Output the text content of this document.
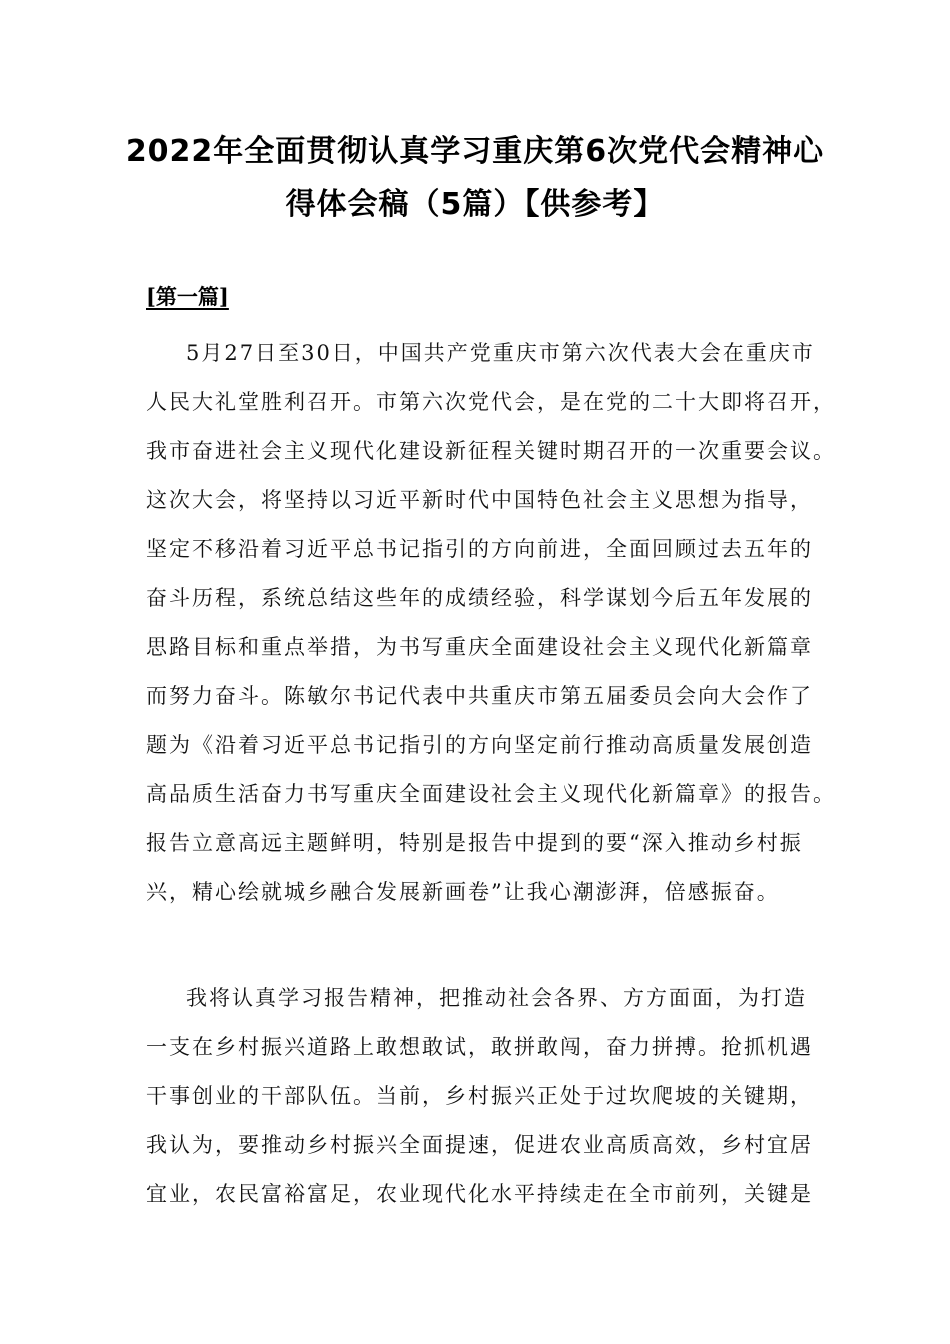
2022年全面贯彻认真学习重庆第6次党代会精神心
得体会稿（5篇）【供参考】
[第一篇]
5月27日至30日，中国共产党重庆市第六次代表大会在重庆市
人民大礼堂胜利召开。市第六次党代会，是在党的二十大即将召开，
我市奋进社会主义现代化建设新征程关键时期召开的一次重要会议。
这次大会，将坚持以习近平新时代中国特色社会主义思想为指导，
坚定不移沿着习近平总书记指引的方向前进，全面回顾过去五年的
奋斗历程，系统总结这些年的成绩经验，科学谋划今后五年发展的
思路目标和重点举措，为书写重庆全面建设社会主义现代化新篇章
而努力奋斗。陈敏尔书记代表中共重庆市第五届委员会向大会作了
题为《沿着习近平总书记指引的方向坚定前行推动高质量发展创造
高品质生活奋力书写重庆全面建设社会主义现代化新篇章》的报告。
报告立意高远主题鲜明，特别是报告中提到的要“深入推动乡村振
兴，精心绘就城乡融合发展新画卷”让我心潮澎湃，倍感振奋。
我将认真学习报告精神，把推动社会各界、方方面面，为打造
一支在乡村振兴道路上敢想敢试，敢拼敢闯，奋力拼搏。抢抓机遇
干事创业的干部队伍。当前，乡村振兴正处于过坎爬坡的关键期，
我认为，要推动乡村振兴全面提速，促进农业高质高效，乡村宜居
宜业，农民富裕富足，农业现代化水平持续走在全市前列，关键是
